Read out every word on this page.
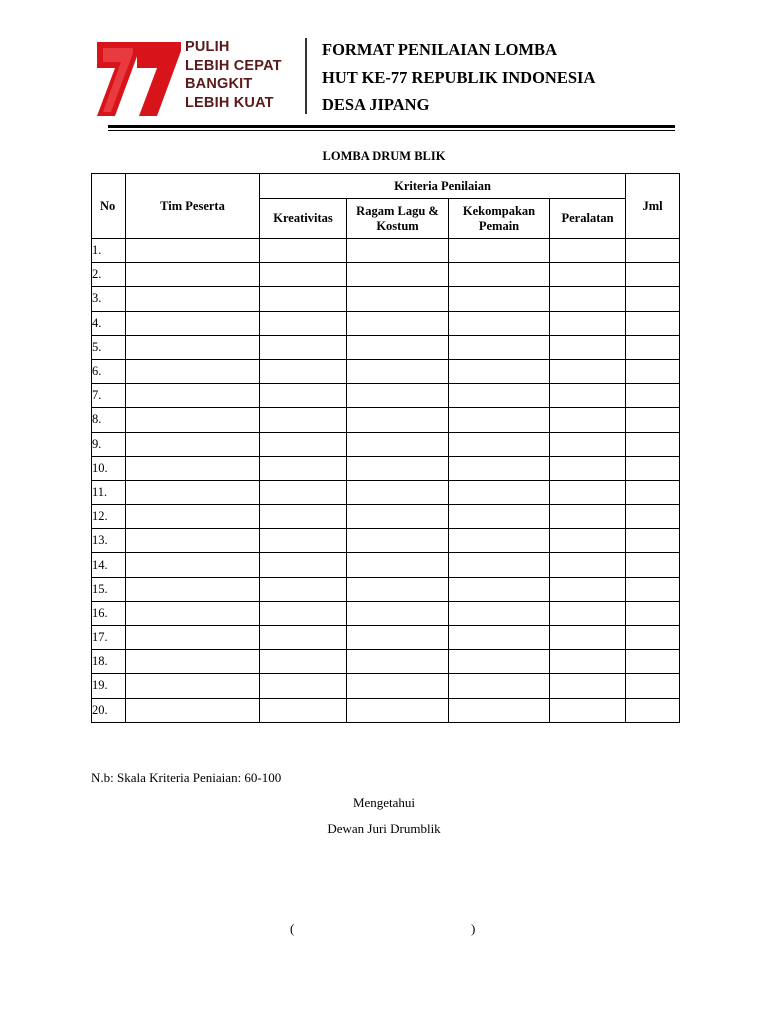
PULIH
LEBIH CEPAT
BANGKIT
LEBIH KUAT
FORMAT PENILAIAN LOMBA
HUT KE-77 REPUBLIK INDONESIA
DESA JIPANG
LOMBA DRUM BLIK
No	Tim Peserta	Kriteria Penilaian				Jml
		Kreativitas	Ragam Lagu & Kostum	Kekompakan Pemain	Peralatan	
1.						
2.						
3.						
4.						
5.						
6.						
7.						
8.						
9.						
10.						
11.						
12.						
13.						
14.						
15.						
16.						
17.						
18.						
19.						
20.						
N.b: Skala Kriteria Peniaian: 60-100
Mengetahui
Dewan Juri Drumblik
(	)
